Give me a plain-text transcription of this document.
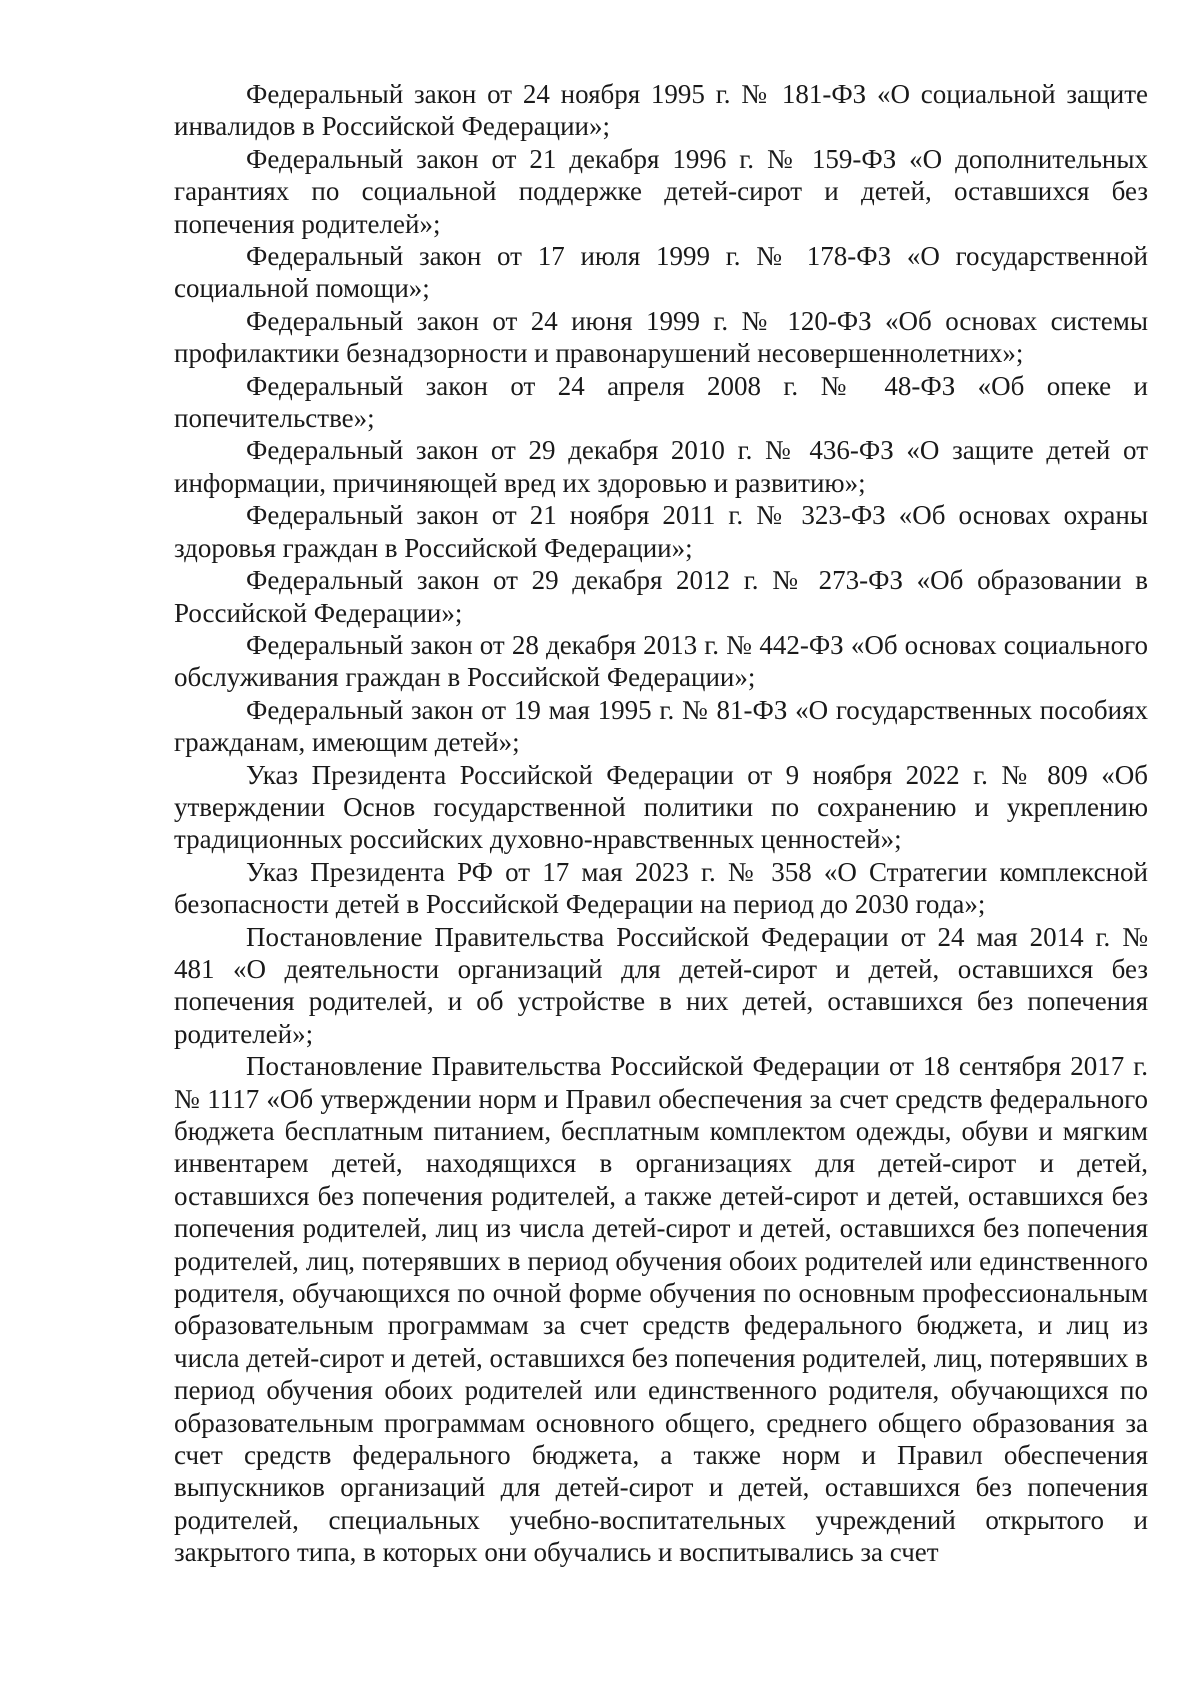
Федеральный закон от 24 ноября 1995 г. № 181-ФЗ «О социальной защите инвалидов в Российской Федерации»;

Федеральный закон от 21 декабря 1996 г. № 159-ФЗ «О дополнительных гарантиях по социальной поддержке детей-сирот и детей, оставшихся без попечения родителей»;

Федеральный закон от 17 июля 1999 г. № 178-ФЗ «О государственной социальной помощи»;

Федеральный закон от 24 июня 1999 г. № 120-ФЗ «Об основах системы профилактики безнадзорности и правонарушений несовершеннолетних»;

Федеральный закон от 24 апреля 2008 г. № 48-ФЗ «Об опеке и попечительстве»;

Федеральный закон от 29 декабря 2010 г. № 436-ФЗ «О защите детей от информации, причиняющей вред их здоровью и развитию»;

Федеральный закон от 21 ноября 2011 г. № 323-ФЗ «Об основах охраны здоровья граждан в Российской Федерации»;

Федеральный закон от 29 декабря 2012 г. № 273-ФЗ «Об образовании в Российской Федерации»;

Федеральный закон от 28 декабря 2013 г. № 442-ФЗ «Об основах социального обслуживания граждан в Российской Федерации»;

Федеральный закон от 19 мая 1995 г. № 81-ФЗ «О государственных пособиях гражданам, имеющим детей»;

Указ Президента Российской Федерации от 9 ноября 2022 г. № 809 «Об утверждении Основ государственной политики по сохранению и укреплению традиционных российских духовно-нравственных ценностей»;

Указ Президента РФ от 17 мая 2023 г. № 358 «О Стратегии комплексной безопасности детей в Российской Федерации на период до 2030 года»;

Постановление Правительства Российской Федерации от 24 мая 2014 г. № 481 «О деятельности организаций для детей-сирот и детей, оставшихся без попечения родителей, и об устройстве в них детей, оставшихся без попечения родителей»;

Постановление Правительства Российской Федерации от 18 сентября 2017 г. № 1117 «Об утверждении норм и Правил обеспечения за счет средств федерального бюджета бесплатным питанием, бесплатным комплектом одежды, обуви и мягким инвентарем детей, находящихся в организациях для детей-сирот и детей, оставшихся без попечения родителей, а также детей-сирот и детей, оставшихся без попечения родителей, лиц из числа детей-сирот и детей, оставшихся без попечения родителей, лиц, потерявших в период обучения обоих родителей или единственного родителя, обучающихся по очной форме обучения по основным профессиональным образовательным программам за счет средств федерального бюджета, и лиц из числа детей-сирот и детей, оставшихся без попечения родителей, лиц, потерявших в период обучения обоих родителей или единственного родителя, обучающихся по образовательным программам основного общего, среднего общего образования за счет средств федерального бюджета, а также норм и Правил обеспечения выпускников организаций для детей-сирот и детей, оставшихся без попечения родителей, специальных учебно-воспитательных учреждений открытого и закрытого типа, в которых они обучались и воспитывались за счет
